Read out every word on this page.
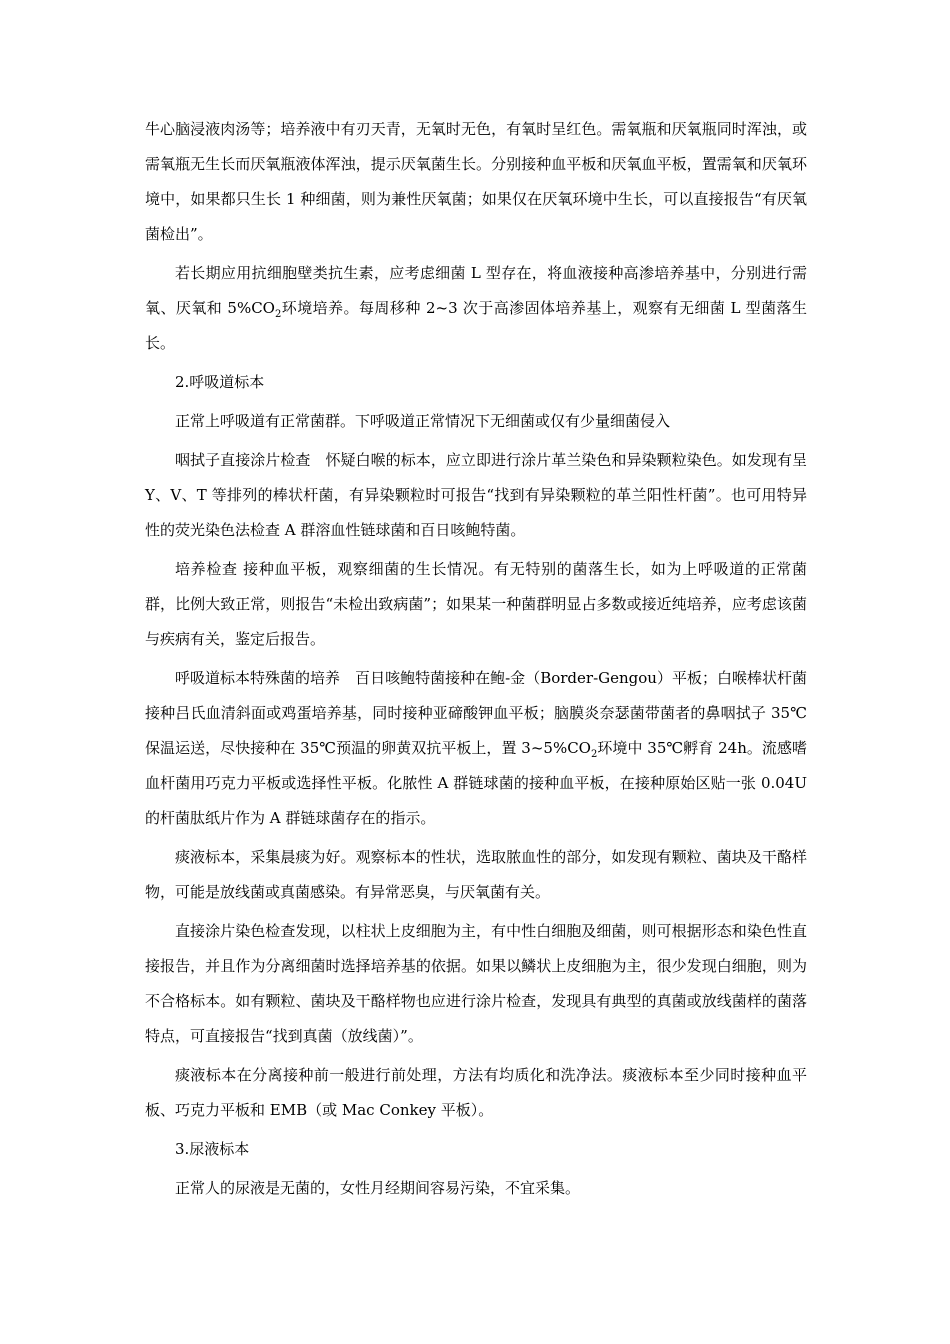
牛心脑浸液肉汤等；培养液中有刃天青，无氧时无色，有氧时呈红色。需氧瓶和厌氧瓶同时浑浊，或需氧瓶无生长而厌氧瓶液体浑浊，提示厌氧菌生长。分别接种血平板和厌氧血平板，置需氧和厌氧环境中，如果都只生长 1 种细菌，则为兼性厌氧菌；如果仅在厌氧环境中生长，可以直接报告“有厌氧菌检出”。

若长期应用抗细胞壁类抗生素，应考虑细菌 L 型存在，将血液接种高渗培养基中，分别进行需氧、厌氧和 $5\%CO_2$环境培养。每周移种 2~3 次于高渗固体培养基上，观察有无细菌 L 型菌落生长。

2.呼吸道标本

正常上呼吸道有正常菌群。下呼吸道正常情况下无细菌或仅有少量细菌侵入

咽拭子直接涂片检查　怀疑白喉的标本，应立即进行涂片革兰染色和异染颗粒染色。如发现有呈 Y、V、T 等排列的棒状杆菌，有异染颗粒时可报告“找到有异染颗粒的革兰阳性杆菌”。也可用特异性的荧光染色法检查 A 群溶血性链球菌和百日咳鲍特菌。

培养检查 接种血平板，观察细菌的生长情况。有无特别的菌落生长，如为上呼吸道的正常菌群，比例大致正常，则报告“未检出致病菌”；如果某一种菌群明显占多数或接近纯培养，应考虑该菌与疾病有关，鉴定后报告。

呼吸道标本特殊菌的培养　百日咳鲍特菌接种在鲍-金（Border-Gengou）平板；白喉棒状杆菌接种吕氏血清斜面或鸡蛋培养基，同时接种亚碲酸钾血平板；脑膜炎奈瑟菌带菌者的鼻咽拭子 35℃保温运送，尽快接种在 35℃预温的卵黄双抗平板上，置 $3\sim 5\%CO_2$环境中 35℃孵育 24h。流感嗜血杆菌用巧克力平板或选择性平板。化脓性 A 群链球菌的接种血平板，在接种原始区贴一张 0.04U 的杆菌肽纸片作为 A 群链球菌存在的指示。

痰液标本，采集晨痰为好。观察标本的性状，选取脓血性的部分，如发现有颗粒、菌块及干酪样物，可能是放线菌或真菌感染。有异常恶臭，与厌氧菌有关。

直接涂片染色检查发现，以柱状上皮细胞为主，有中性白细胞及细菌，则可根据形态和染色性直接报告，并且作为分离细菌时选择培养基的依据。如果以鳞状上皮细胞为主，很少发现白细胞，则为不合格标本。如有颗粒、菌块及干酪样物也应进行涂片检查，发现具有典型的真菌或放线菌样的菌落特点，可直接报告“找到真菌（放线菌）”。

痰液标本在分离接种前一般进行前处理，方法有均质化和洗净法。痰液标本至少同时接种血平板、巧克力平板和 EMB（或 Mac Conkey 平板）。

3.尿液标本

正常人的尿液是无菌的，女性月经期间容易污染，不宜采集。
